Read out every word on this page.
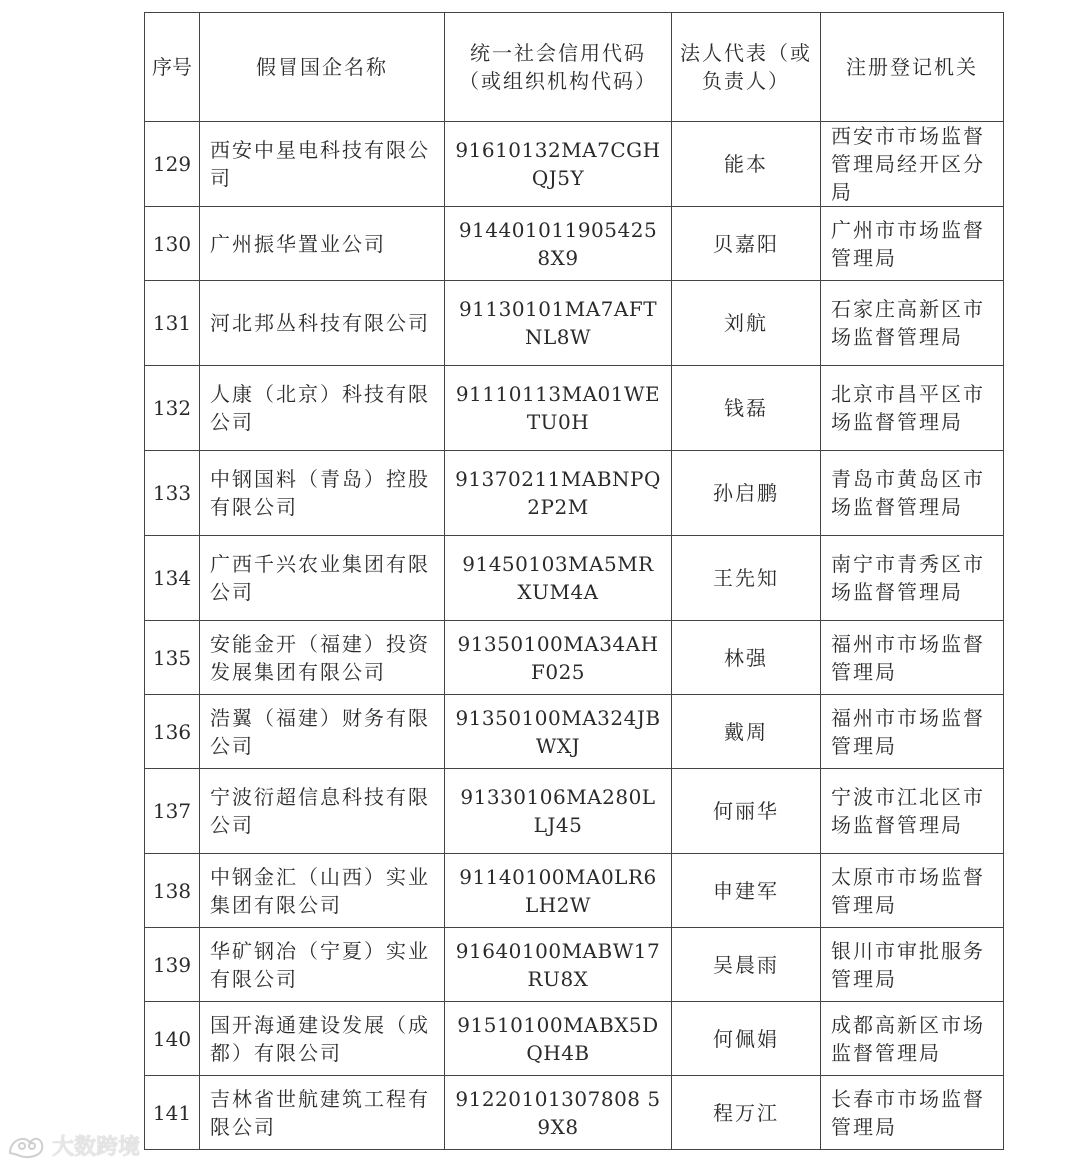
序号	假冒国企名称	统一社会信用代码（或组织机构代码）	法人代表（或负责人）	注册登记机关
129	西安中星电科技有限公司	91610132MA7CGHQJ5Y	能本	西安市市场监督管理局经开区分局
130	广州振华置业公司	914401011905425 8X9	贝嘉阳	广州市市场监督管理局
131	河北邦丛科技有限公司	91130101MA7AFTNL8W	刘航	石家庄高新区市场监督管理局
132	人康（北京）科技有限公司	91110113MA01WETU0H	钱磊	北京市昌平区市场监督管理局
133	中钢国料（青岛）控股有限公司	91370211MABNPQ2P2M	孙启鹏	青岛市黄岛区市场监督管理局
134	广西千兴农业集团有限公司	91450103MA5MRXUM4A	王先知	南宁市青秀区市场监督管理局
135	安能金开（福建）投资发展集团有限公司	91350100MA34AHF025	林强	福州市市场监督管理局
136	浩翼（福建）财务有限公司	91350100MA324JBWXJ	戴周	福州市市场监督管理局
137	宁波衍超信息科技有限公司	91330106MA280LLJ45	何丽华	宁波市江北区市场监督管理局
138	中钢金汇（山西）实业集团有限公司	91140100MA0LR6LH2W	申建军	太原市市场监督管理局
139	华矿钢冶（宁夏）实业有限公司	91640100MABW17RU8X	吴晨雨	银川市审批服务管理局
140	国开海通建设发展（成都）有限公司	91510100MABX5DQH4B	何佩娟	成都高新区市场监督管理局
141	吉林省世航建筑工程有限公司	91220101307808 59X8	程万江	长春市市场监督管理局
大数跨境
